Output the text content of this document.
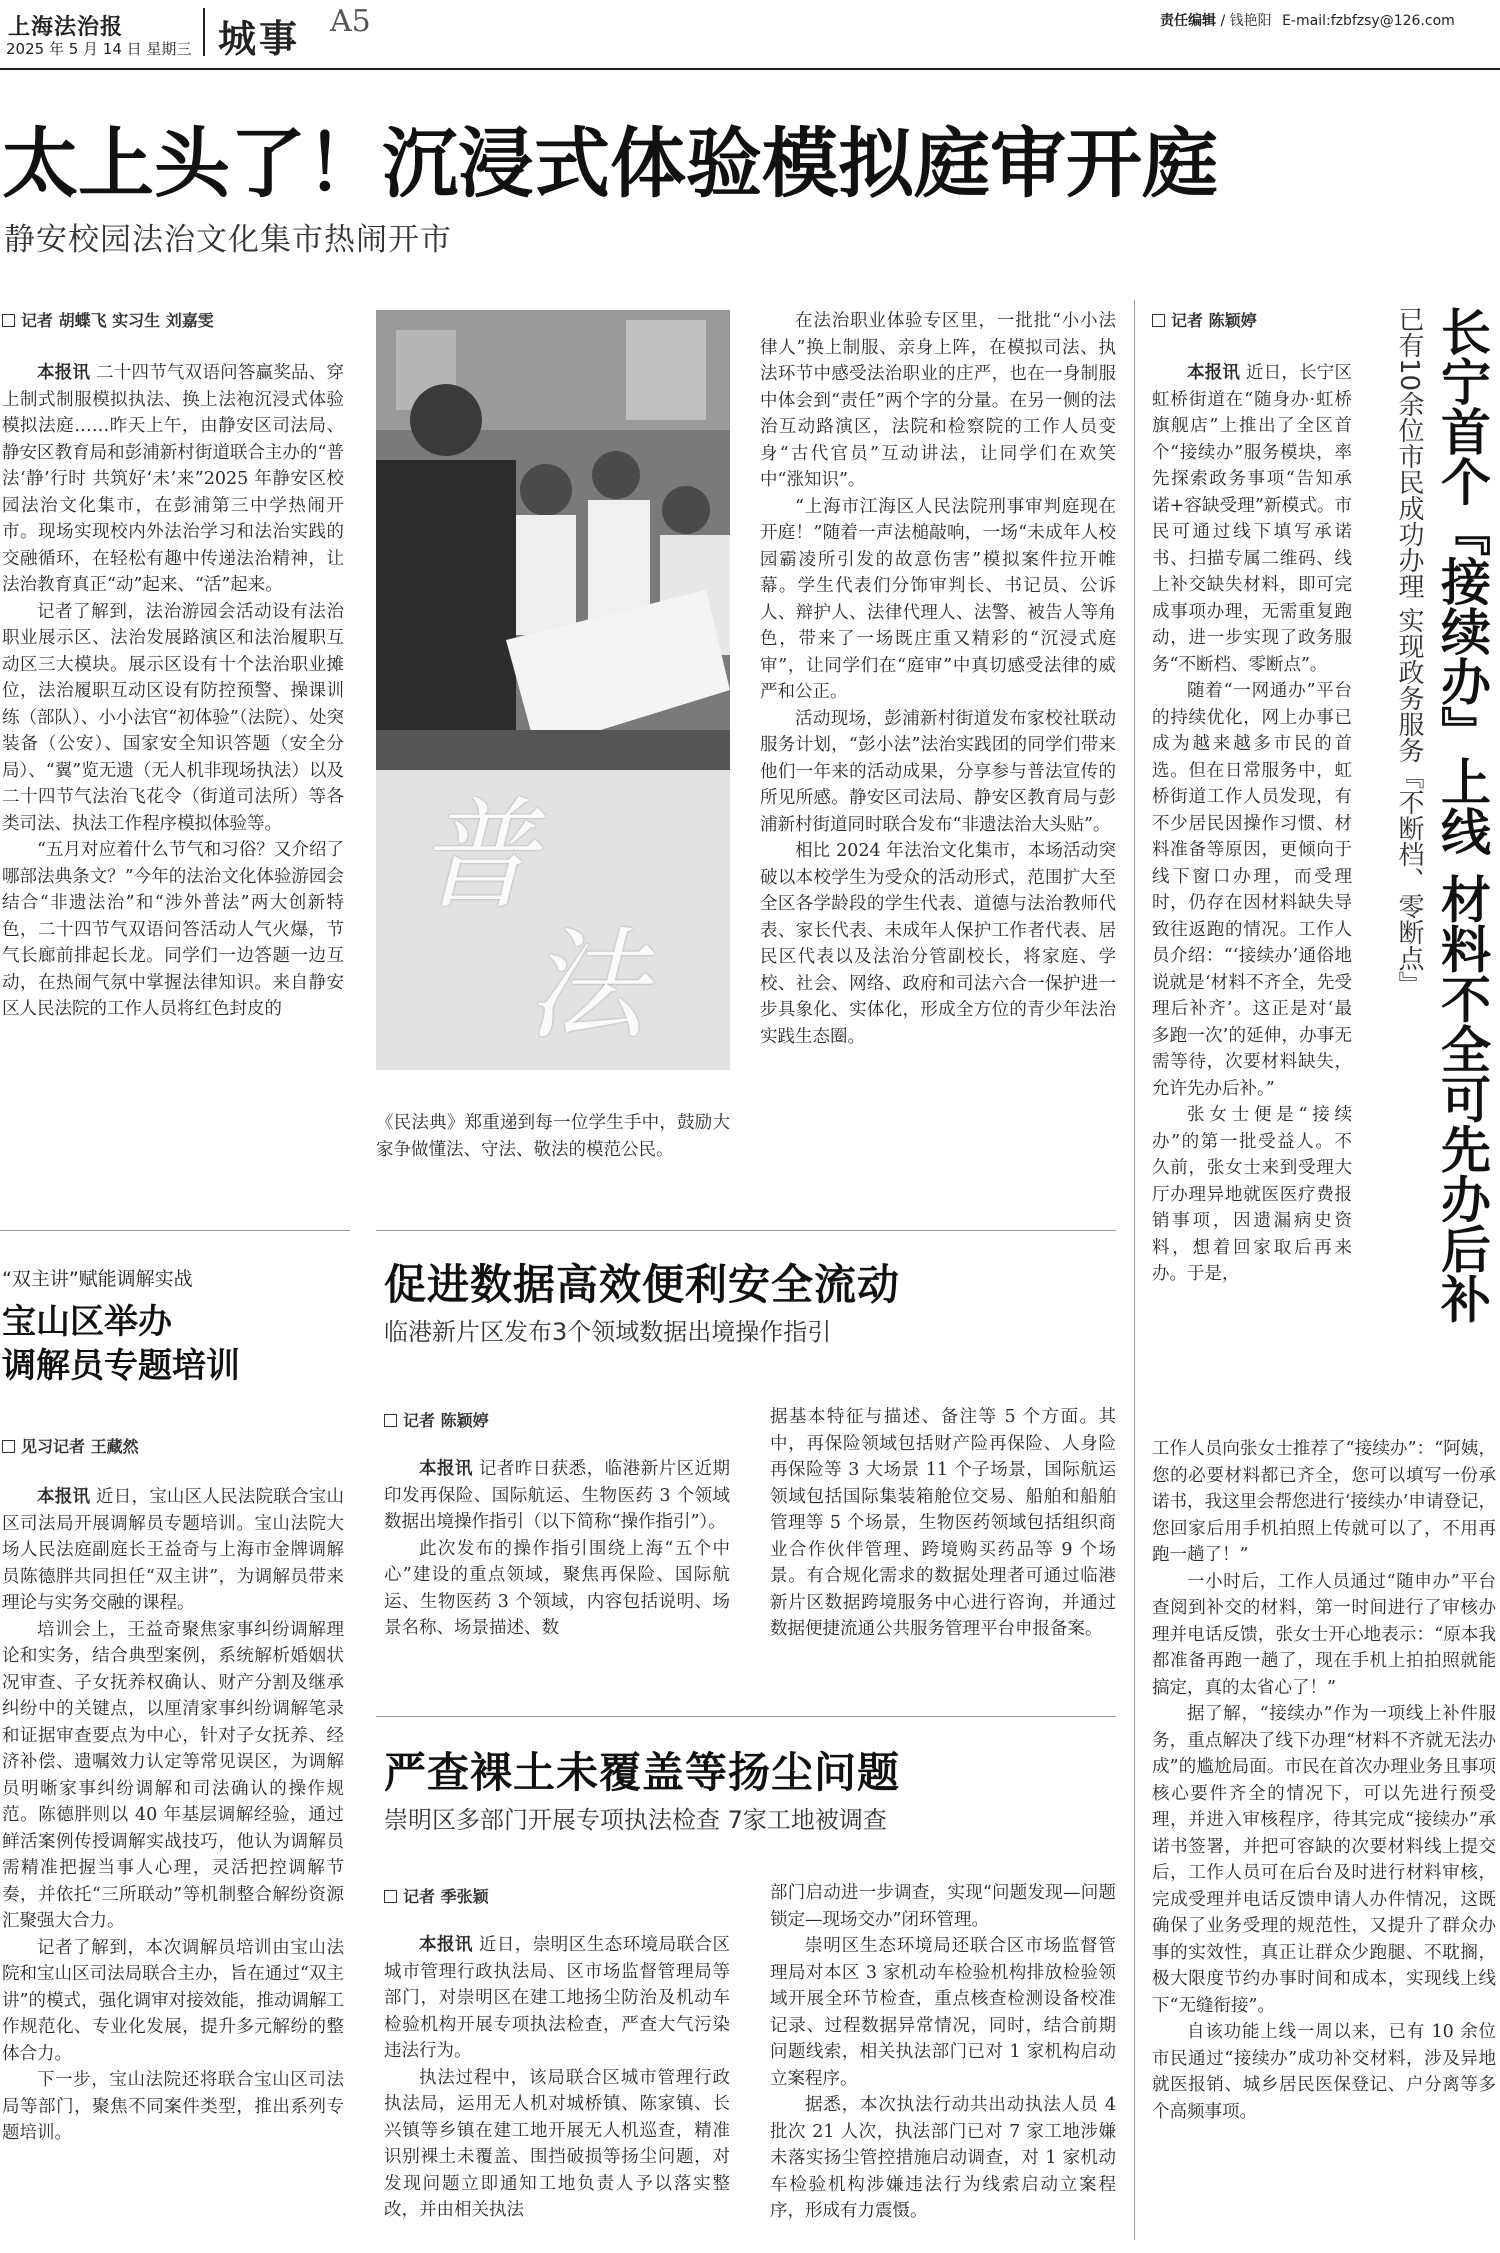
上海法治报
2025 年 5 月 14 日 星期三 城事 A5	责任编辑 / 钱艳阳 E-mail:fzbfzsy@126.com
太上头了！沉浸式体验模拟庭审开庭
静安校园法治文化集市热闹开市
记者 胡蝶飞 实习生 刘嘉雯

本报讯 二十四节气双语问答赢奖品、穿上制式制服模拟执法、换上法袍沉浸式体验模拟法庭……昨天上午，由静安区司法局、静安区教育局和彭浦新村街道联合主办的“普法‘静’行时 共筑好‘未’来”2025 年静安区校园法治文化集市，在彭浦第三中学热闹开市。现场实现校内外法治学习和法治实践的交融循环，在轻松有趣中传递法治精神，让法治教育真正“动”起来、“活”起来。

记者了解到，法治游园会活动设有法治职业展示区、法治发展路演区和法治履职互动区三大模块。展示区设有十个法治职业摊位，法治履职互动区设有防控预警、操课训练（部队）、小小法官“初体验”（法院）、处突装备（公安）、国家安全知识答题（安全分局）、“翼”览无遗（无人机非现场执法）以及二十四节气法治飞花令（街道司法所）等各类司法、执法工作程序模拟体验等。

“五月对应着什么节气和习俗？又介绍了哪部法典条文？”今年的法治文化体验游园会结合“非遗法治”和“涉外普法”两大创新特色，二十四节气双语问答活动人气火爆，节气长廊前排起长龙。同学们一边答题一边互动，在热闹气氛中掌握法律知识。来自静安区人民法院的工作人员将红色封皮的

普
法

《民法典》郑重递到每一位学生手中，鼓励大家争做懂法、守法、敬法的模范公民。

在法治职业体验专区里，一批批“小小法律人”换上制服、亲身上阵，在模拟司法、执法环节中感受法治职业的庄严，也在一身制服中体会到“责任”两个字的分量。在另一侧的法治互动路演区，法院和检察院的工作人员变身“古代官员”互动讲法，让同学们在欢笑中“涨知识”。

“上海市江海区人民法院刑事审判庭现在开庭！”随着一声法槌敲响，一场“未成年人校园霸凌所引发的故意伤害”模拟案件拉开帷幕。学生代表们分饰审判长、书记员、公诉人、辩护人、法律代理人、法警、被告人等角色，带来了一场既庄重又精彩的“沉浸式庭审”，让同学们在“庭审”中真切感受法律的威严和公正。

活动现场，彭浦新村街道发布家校社联动服务计划，“彭小法”法治实践团的同学们带来他们一年来的活动成果，分享参与普法宣传的所见所感。静安区司法局、静安区教育局与彭浦新村街道同时联合发布“非遗法治大头贴”。

相比 2024 年法治文化集市，本场活动突破以本校学生为受众的活动形式，范围扩大至全区各学龄段的学生代表、道德与法治教师代表、家长代表、未成年人保护工作者代表、居民区代表以及法治分管副校长，将家庭、学校、社会、网络、政府和司法六合一保护进一步具象化、实体化，形成全方位的青少年法治实践生态圈。

记者 陈颖婷	长宁首个『接续办』上线 材料不全可先办后补
已有10余位市民成功办理 实现政务服务『不断档、零断点』

本报讯 近日，长宁区虹桥街道在“随身办·虹桥旗舰店”上推出了全区首个“接续办”服务模块，率先探索政务事项“告知承诺+容缺受理”新模式。市民可通过线下填写承诺书、扫描专属二维码、线上补交缺失材料，即可完成事项办理，无需重复跑动，进一步实现了政务服务“不断档、零断点”。

随着“一网通办”平台的持续优化，网上办事已成为越来越多市民的首选。但在日常服务中，虹桥街道工作人员发现，有不少居民因操作习惯、材料准备等原因，更倾向于线下窗口办理，而受理时，仍存在因材料缺失导致往返跑的情况。工作人员介绍：“‘接续办’通俗地说就是‘材料不齐全，先受理后补齐’。这正是对‘最多跑一次’的延伸，办事无需等待，次要材料缺失，允许先办后补。”

张女士便是“接续办”的第一批受益人。不久前，张女士来到受理大厅办理异地就医医疗费报销事项，因遗漏病史资料，想着回家取后再来办。于是，

工作人员向张女士推荐了“接续办”：“阿姨，您的必要材料都已齐全，您可以填写一份承诺书，我这里会帮您进行‘接续办’申请登记，您回家后用手机拍照上传就可以了，不用再跑一趟了！”

一小时后，工作人员通过“随申办”平台查阅到补交的材料，第一时间进行了审核办理并电话反馈，张女士开心地表示：“原本我都准备再跑一趟了，现在手机上拍拍照就能搞定，真的太省心了！”

据了解，“接续办”作为一项线上补件服务，重点解决了线下办理“材料不齐就无法办成”的尴尬局面。市民在首次办理业务且事项核心要件齐全的情况下，可以先进行预受理，并进入审核程序，待其完成“接续办”承诺书签署，并把可容缺的次要材料线上提交后，工作人员可在后台及时进行材料审核，完成受理并电话反馈申请人办件情况，这既确保了业务受理的规范性，又提升了群众办事的实效性，真正让群众少跑腿、不耽搁，极大限度节约办事时间和成本，实现线上线下“无缝衔接”。

自该功能上线一周以来，已有 10 余位市民通过“接续办”成功补交材料，涉及异地就医报销、城乡居民医保登记、户分离等多个高频事项。

“双主讲”赋能调解实战
宝山区举办
调解员专题培训
见习记者 王藏然

本报讯 近日，宝山区人民法院联合宝山区司法局开展调解员专题培训。宝山法院大场人民法庭副庭长王益奇与上海市金牌调解员陈德胖共同担任“双主讲”，为调解员带来理论与实务交融的课程。

培训会上，王益奇聚焦家事纠纷调解理论和实务，结合典型案例，系统解析婚姻状况审查、子女抚养权确认、财产分割及继承纠纷中的关键点，以厘清家事纠纷调解笔录和证据审查要点为中心，针对子女抚养、经济补偿、遗嘱效力认定等常见误区，为调解员明晰家事纠纷调解和司法确认的操作规范。陈德胖则以 40 年基层调解经验，通过鲜活案例传授调解实战技巧，他认为调解员需精准把握当事人心理，灵活把控调解节奏，并依托“三所联动”等机制整合解纷资源汇聚强大合力。

记者了解到，本次调解员培训由宝山法院和宝山区司法局联合主办，旨在通过“双主讲”的模式，强化调审对接效能，推动调解工作规范化、专业化发展，提升多元解纷的整体合力。

下一步，宝山法院还将联合宝山区司法局等部门，聚焦不同案件类型，推出系列专题培训。

促进数据高效便利安全流动
临港新片区发布3个领域数据出境操作指引
记者 陈颖婷

本报讯 记者昨日获悉，临港新片区近期印发再保险、国际航运、生物医药 3 个领域数据出境操作指引（以下简称“操作指引”）。

此次发布的操作指引围绕上海“五个中心”建设的重点领域，聚焦再保险、国际航运、生物医药 3 个领域，内容包括说明、场景名称、场景描述、数

据基本特征与描述、备注等 5 个方面。其中，再保险领域包括财产险再保险、人身险再保险等 3 大场景 11 个子场景，国际航运领域包括国际集装箱舱位交易、船舶和船舶管理等 5 个场景，生物医药领域包括组织商业合作伙伴管理、跨境购买药品等 9 个场景。有合规化需求的数据处理者可通过临港新片区数据跨境服务中心进行咨询，并通过数据便捷流通公共服务管理平台申报备案。

严查裸土未覆盖等扬尘问题
崇明区多部门开展专项执法检查 7家工地被调查
记者 季张颖

本报讯 近日，崇明区生态环境局联合区城市管理行政执法局、区市场监督管理局等部门，对崇明区在建工地扬尘防治及机动车检验机构开展专项执法检查，严查大气污染违法行为。

执法过程中，该局联合区城市管理行政执法局，运用无人机对城桥镇、陈家镇、长兴镇等乡镇在建工地开展无人机巡查，精准识别裸土未覆盖、围挡破损等扬尘问题，对发现问题立即通知工地负责人予以落实整改，并由相关执法

部门启动进一步调查，实现“问题发现—问题锁定—现场交办”闭环管理。

崇明区生态环境局还联合区市场监督管理局对本区 3 家机动车检验机构排放检验领域开展全环节检查，重点核查检测设备校准记录、过程数据异常情况，同时，结合前期问题线索，相关执法部门已对 1 家机构启动立案程序。

据悉，本次执法行动共出动执法人员 4 批次 21 人次，执法部门已对 7 家工地涉嫌未落实扬尘管控措施启动调查，对 1 家机动车检验机构涉嫌违法行为线索启动立案程序，形成有力震慑。
